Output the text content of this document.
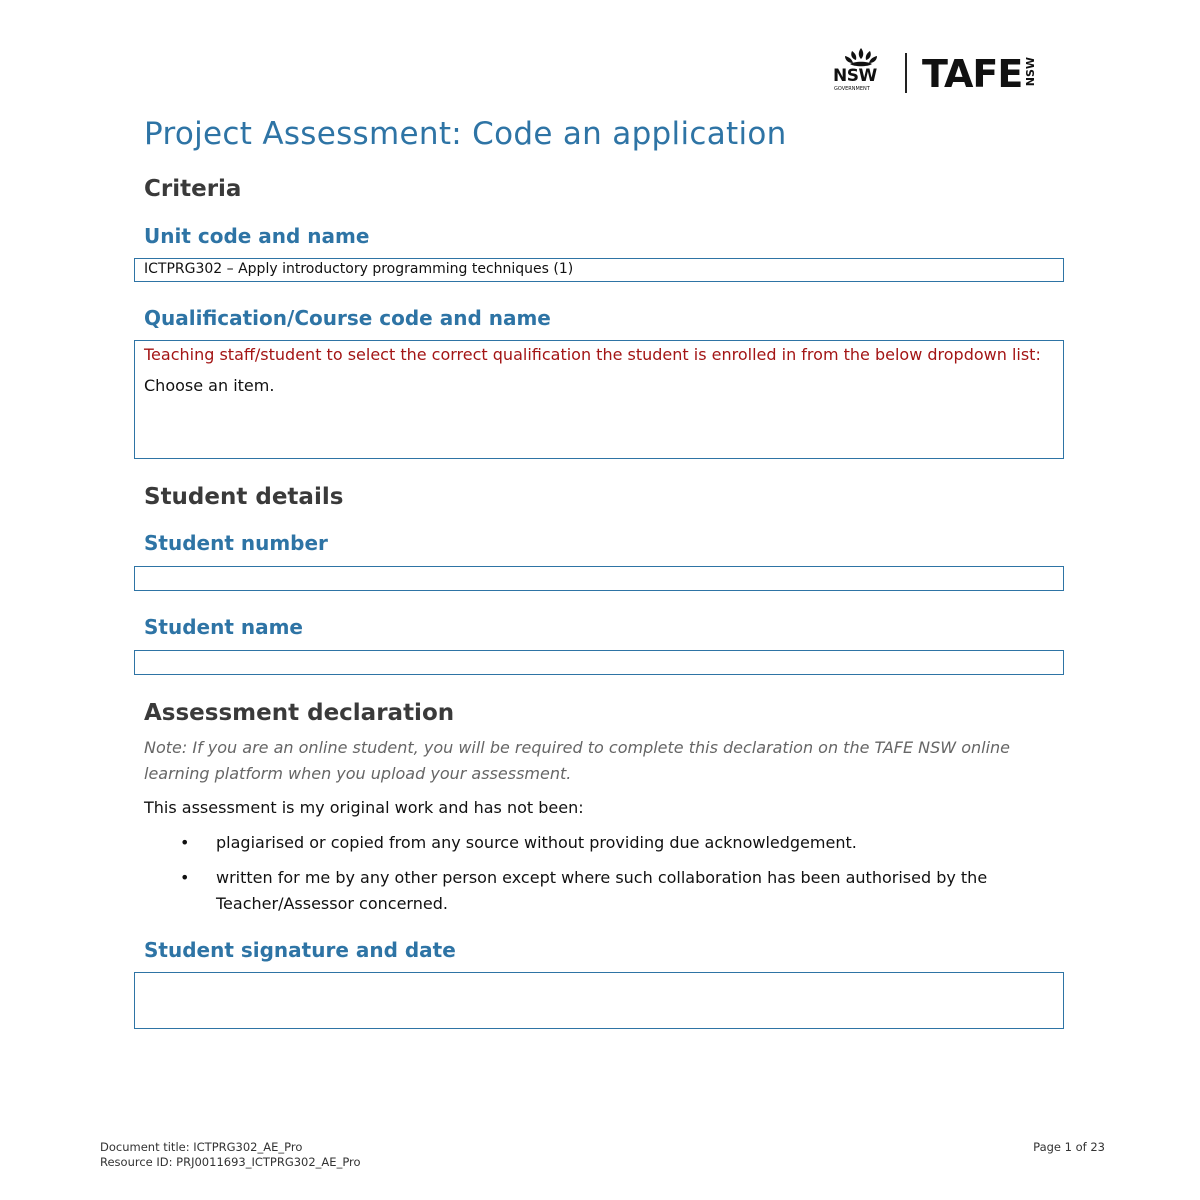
NSW
GOVERNMENT TAFE NSW
Project Assessment: Code an application
Criteria
Unit code and name
ICTPRG302 – Apply introductory programming techniques (1)
Qualification/Course code and name
Teaching staff/student to select the correct qualification the student is enrolled in from the below dropdown list:
Choose an item.
Student details
Student number
Student name
Assessment declaration
Note: If you are an online student, you will be required to complete this declaration on the TAFE NSW online learning platform when you upload your assessment.
This assessment is my original work and has not been:
• plagiarised or copied from any source without providing due acknowledgement.
• written for me by any other person except where such collaboration has been authorised by the Teacher/Assessor concerned.
Student signature and date
Document title: ICTPRG302_AE_Pro
Resource ID: PRJ0011693_ICTPRG302_AE_Pro
Page 1 of 23
